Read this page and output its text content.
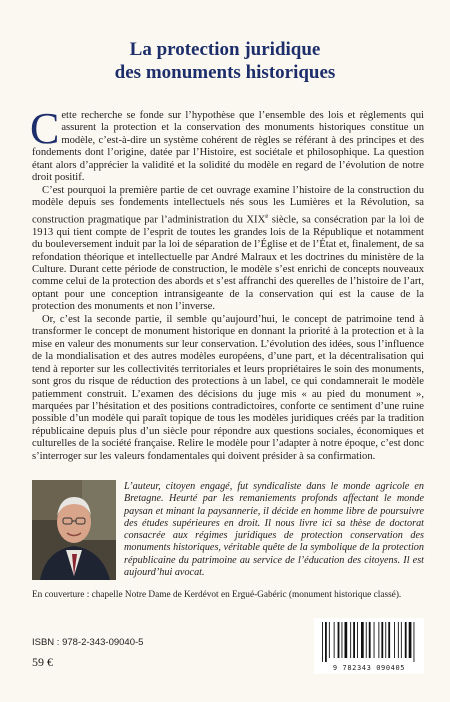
La protection juridique
des monuments historiques

Cette recherche se fonde sur l’hypothèse que l’ensemble des lois et règlements qui assurent la protection et la conservation des monuments historiques constitue un modèle, c’est-à-dire un système cohérent de règles se référant à des principes et des fondements dont l’origine, datée par l’Histoire, est sociétale et philosophique. La question étant alors d’apprécier la validité et la solidité du modèle en regard de l’évolution de notre droit positif.

C’est pourquoi la première partie de cet ouvrage examine l’histoire de la construction du modèle depuis ses fondements intellectuels nés sous les Lumières et la Révolution, sa construction pragmatique par l’administration du XIXe siècle, sa consécration par la loi de 1913 qui tient compte de l’esprit de toutes les grandes lois de la République et notamment du bouleversement induit par la loi de séparation de l’Église et de l’État et, finalement, de sa refondation théorique et intellectuelle par André Malraux et les doctrines du ministère de la Culture. Durant cette période de construction, le modèle s’est enrichi de concepts nouveaux comme celui de la protection des abords et s’est affranchi des querelles de l’histoire de l’art, optant pour une conception intransigeante de la conservation qui est la cause de la protection des monuments et non l’inverse.

Or, c’est la seconde partie, il semble qu’aujourd’hui, le concept de patrimoine tend à transformer le concept de monument historique en donnant la priorité à la protection et à la mise en valeur des monuments sur leur conservation. L’évolution des idées, sous l’influence de la mondialisation et des autres modèles européens, d’une part, et la décentralisation qui tend à reporter sur les collectivités territoriales et leurs propriétaires le soin des monuments, sont gros du risque de réduction des protections à un label, ce qui condamnerait le modèle patiemment construit. L’examen des décisions du juge mis « au pied du monument », marquées par l’hésitation et des positions contradictoires, conforte ce sentiment d’une ruine possible d’un modèle qui paraît topique de tous les modèles juridiques créés par la tradition républicaine depuis plus d’un siècle pour répondre aux questions sociales, économiques et culturelles de la société française. Relire le modèle pour l’adapter à notre époque, c’est donc s’interroger sur les valeurs fondamentales qui doivent présider à sa confirmation.

L’auteur, citoyen engagé, fut syndicaliste dans le monde agricole en Bretagne. Heurté par les remaniements profonds affectant le monde paysan et minant la paysannerie, il décide en homme libre de poursuivre des études supérieures en droit. Il nous livre ici sa thèse de doctorat consacrée aux régimes juridiques de protection conservation des monuments historiques, véritable quête de la symbolique de la protection républicaine du patrimoine au service de l’éducation des citoyens. Il est aujourd’hui avocat.

En couverture : chapelle Notre Dame de Kerdévot en Ergué-Gabéric (monument historique classé).
ISBN : 978-2-343-09040-5
59 €	9 782343 090405
